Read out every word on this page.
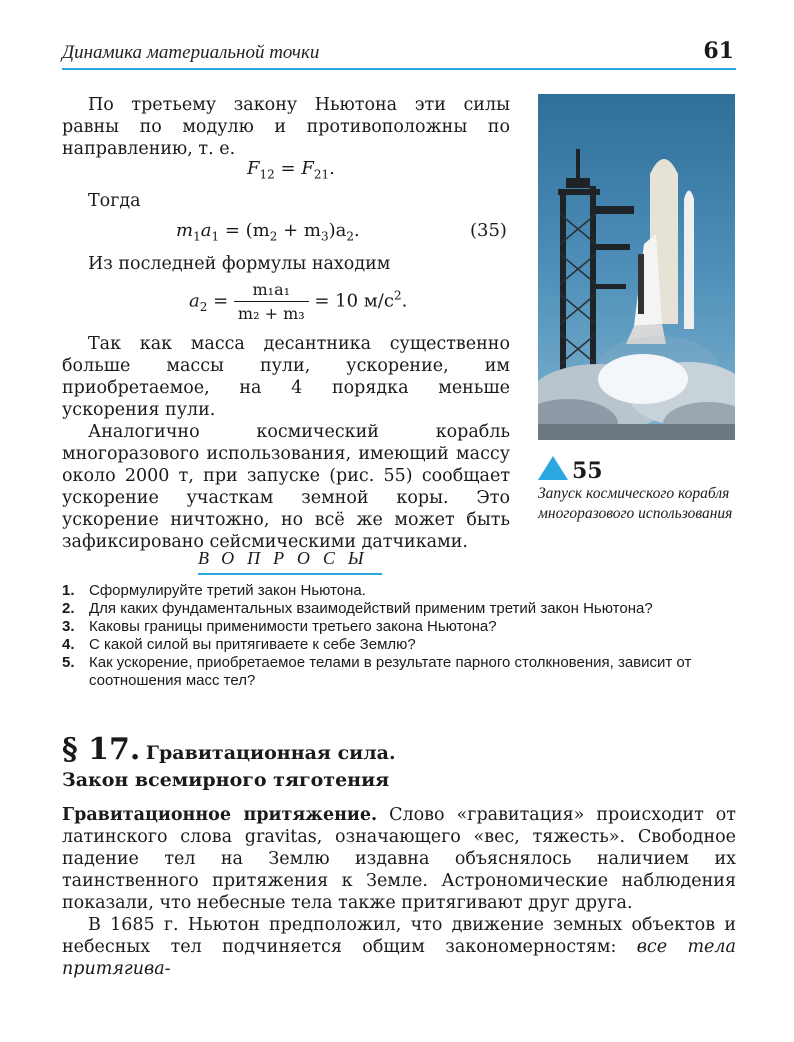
Динамика материальной точки	61

По третьему закону Ньютона эти силы равны по модулю и противоположны по направлению, т. е.

$F_{12} = F_{21}$.

Тогда

$m_1a_1 = (m_2 + m_3)a_2$.	(35)

Из последней формулы находим

$a_2 = \frac{\text{m₁a₁}}{\text{m₂ + m₃}} = 10$ $м/с^2$.

Так как масса десантника существенно больше массы пули, ускорение, им приобретаемое, на 4 порядка меньше ускорения пули.

Аналогично космический корабль многоразового использования, имеющий массу около 2000 т, при запуске (рис. 55) сообщает ускорение участкам земной коры. Это ускорение ничтожно, но всё же может быть зафиксировано сейсмическими датчиками.

55
Запуск космического корабля многоразового использования
ВОПРОСЫ

1. Сформулируйте третий закон Ньютона.

2. Для каких фундаментальных взаимодействий применим третий закон Ньютона?

3. Каковы границы применимости третьего закона Ньютона?

4. С какой силой вы притягиваете к себе Землю?

5. Как ускорение, приобретаемое телами в результате парного столкновения, зависит от соотношения масс тел?

§ 17. Гравитационная сила.
Закон всемирного тяготения

Гравитационное притяжение. Слово «гравитация» происходит от латинского слова gravitas, означающего «вес, тяжесть». Свободное падение тел на Землю издавна объяснялось наличием их таинственного притяжения к Земле. Астрономические наблюдения показали, что небесные тела также притягивают друг друга.

В 1685 г. Ньютон предположил, что движение земных объектов и небесных тел подчиняется общим закономерностям: все тела притягива-
